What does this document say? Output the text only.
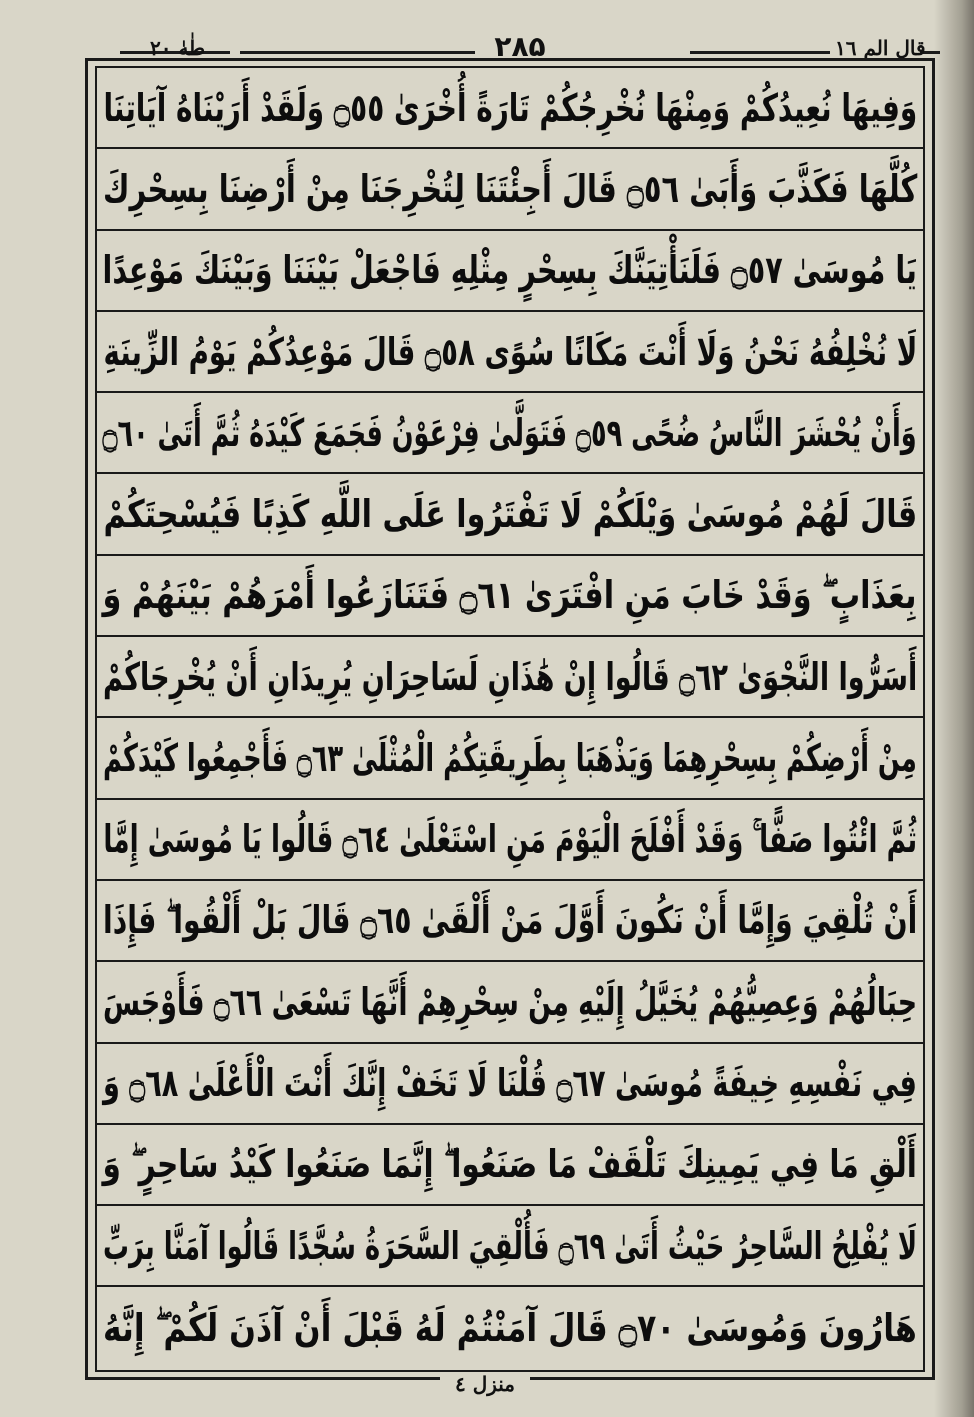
طٰهٰ ٢٠	۲۸۵	قال الم ١٦
وَفِيهَا نُعِيدُكُمْ وَمِنْهَا نُخْرِجُكُمْ تَارَةً أُخْرَىٰ ۝٥٥ وَلَقَدْ أَرَيْنَاهُ آيَاتِنَا
كُلَّهَا فَكَذَّبَ وَأَبَىٰ ۝٥٦ قَالَ أَجِئْتَنَا لِتُخْرِجَنَا مِنْ أَرْضِنَا بِسِحْرِكَ
يَا مُوسَىٰ ۝٥٧ فَلَنَأْتِيَنَّكَ بِسِحْرٍ مِثْلِهِ فَاجْعَلْ بَيْنَنَا وَبَيْنَكَ مَوْعِدًا
لَا نُخْلِفُهُ نَحْنُ وَلَا أَنْتَ مَكَانًا سُوًى ۝٥٨ قَالَ مَوْعِدُكُمْ يَوْمُ الزِّينَةِ
وَأَنْ يُحْشَرَ النَّاسُ ضُحًى ۝٥٩ فَتَوَلَّىٰ فِرْعَوْنُ فَجَمَعَ كَيْدَهُ ثُمَّ أَتَىٰ ۝٦٠
قَالَ لَهُمْ مُوسَىٰ وَيْلَكُمْ لَا تَفْتَرُوا عَلَى اللَّهِ كَذِبًا فَيُسْحِتَكُمْ
بِعَذَابٍ ۖ وَقَدْ خَابَ مَنِ افْتَرَىٰ ۝٦١ فَتَنَازَعُوا أَمْرَهُمْ بَيْنَهُمْ وَ
أَسَرُّوا النَّجْوَىٰ ۝٦٢ قَالُوا إِنْ هَٰذَانِ لَسَاحِرَانِ يُرِيدَانِ أَنْ يُخْرِجَاكُمْ
مِنْ أَرْضِكُمْ بِسِحْرِهِمَا وَيَذْهَبَا بِطَرِيقَتِكُمُ الْمُثْلَىٰ ۝٦٣ فَأَجْمِعُوا كَيْدَكُمْ
ثُمَّ ائْتُوا صَفًّا ۚ وَقَدْ أَفْلَحَ الْيَوْمَ مَنِ اسْتَعْلَىٰ ۝٦٤ قَالُوا يَا مُوسَىٰ إِمَّا
أَنْ تُلْقِيَ وَإِمَّا أَنْ نَكُونَ أَوَّلَ مَنْ أَلْقَىٰ ۝٦٥ قَالَ بَلْ أَلْقُوا ۖ فَإِذَا
حِبَالُهُمْ وَعِصِيُّهُمْ يُخَيَّلُ إِلَيْهِ مِنْ سِحْرِهِمْ أَنَّهَا تَسْعَىٰ ۝٦٦ فَأَوْجَسَ
فِي نَفْسِهِ خِيفَةً مُوسَىٰ ۝٦٧ قُلْنَا لَا تَخَفْ إِنَّكَ أَنْتَ الْأَعْلَىٰ ۝٦٨ وَ
أَلْقِ مَا فِي يَمِينِكَ تَلْقَفْ مَا صَنَعُوا ۖ إِنَّمَا صَنَعُوا كَيْدُ سَاحِرٍ ۖ وَ
لَا يُفْلِحُ السَّاحِرُ حَيْثُ أَتَىٰ ۝٦٩ فَأُلْقِيَ السَّحَرَةُ سُجَّدًا قَالُوا آمَنَّا بِرَبِّ
هَارُونَ وَمُوسَىٰ ۝٧٠ قَالَ آمَنْتُمْ لَهُ قَبْلَ أَنْ آذَنَ لَكُمْ ۖ إِنَّهُ
منزل ٤
